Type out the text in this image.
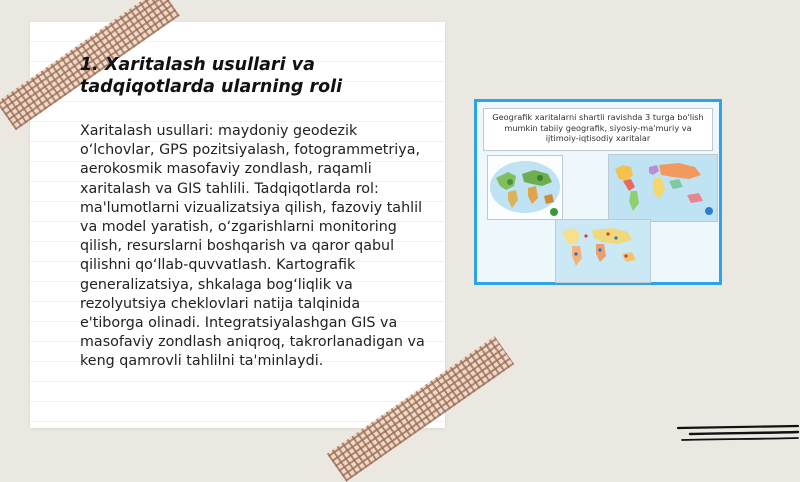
1. Xaritalash usullari va tadqiqotlarda ularning roli

Xaritalash usullari: maydoniy geodezik o‘lchovlar, GPS pozitsiyalash, fotogrammetriya, aerokosmik masofaviy zondlash, raqamli xaritalash va GIS tahlili. Tadqiqotlarda rol: ma'lumotlarni vizualizatsiya qilish, fazoviy tahlil va model yaratish, o‘zgarishlarni monitoring qilish, resurslarni boshqarish va qaror qabul qilishni qo‘llab-quvvatlash. Kartografik generalizatsiya, shkalaga bog‘liqlik va rezolyutsiya cheklovlari natija talqinida e'tiborga olinadi. Integratsiyalashgan GIS va masofaviy zondlash aniqroq, takrorlanadigan va keng qamrovli tahlilni ta'minlaydi.

Geografik xaritalarni shartli ravishda 3 turga bo'lish mumkin tabiiy geografik, siyosiy-ma'muriy va ijtimoiy-iqtisodiy xaritalar
